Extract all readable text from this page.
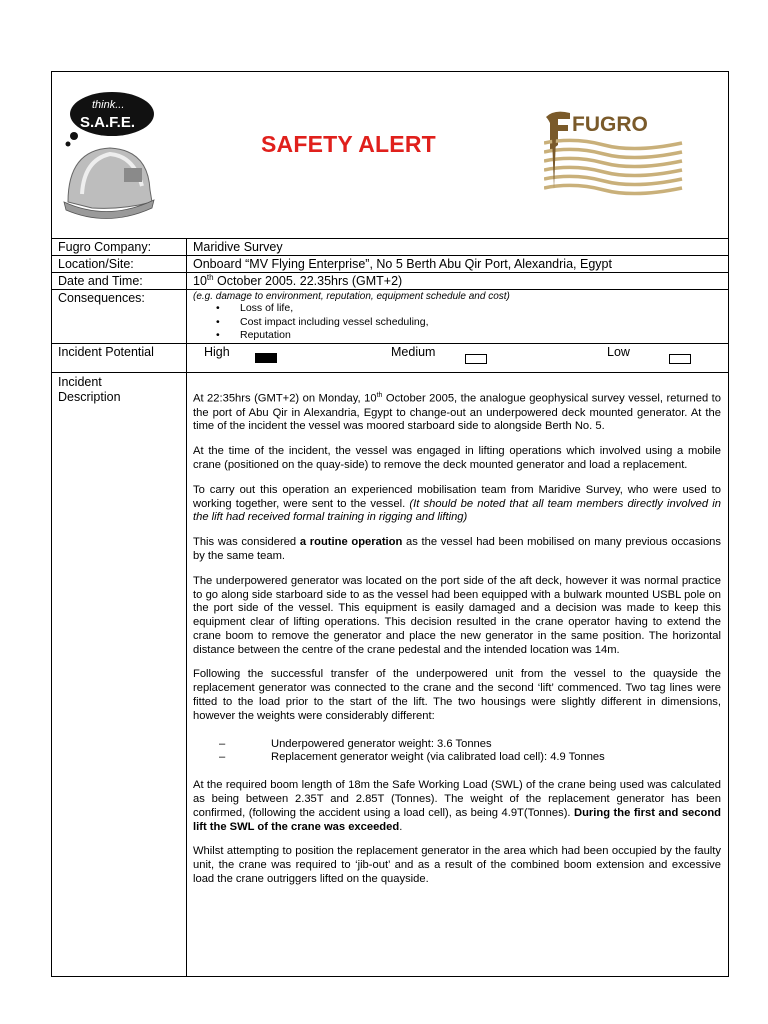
think...
S.A.F.E.
SAFETY ALERT
FUGRO
Fugro Company:	Maridive Survey
Location/Site:	Onboard “MV Flying Enterprise”, No 5 Berth Abu Qir Port, Alexandria, Egypt
Date and Time:	10th October 2005. 22.35hrs (GMT+2)
Consequences:	(e.g. damage to environment, reputation, equipment schedule and cost)
• Loss of life,
• Cost impact including vessel scheduling,
• Reputation
Incident Potential	High	Medium	Low
Incident
Description	At 22:35hrs (GMT+2) on Monday, 10th October 2005, the analogue geophysical survey vessel, returned to the port of Abu Qir in Alexandria, Egypt to change-out an underpowered deck mounted generator. At the time of the incident the vessel was moored starboard side to alongside Berth No. 5.

At the time of the incident, the vessel was engaged in lifting operations which involved using a mobile crane (positioned on the quay-side) to remove the deck mounted generator and load a replacement.

To carry out this operation an experienced mobilisation team from Maridive Survey, who were used to working together, were sent to the vessel. (It should be noted that all team members directly involved in the lift had received formal training in rigging and lifting)

This was considered a routine operation as the vessel had been mobilised on many previous occasions by the same team.

The underpowered generator was located on the port side of the aft deck, however it was normal practice to go along side starboard side to as the vessel had been equipped with a bulwark mounted USBL pole on the port side of the vessel. This equipment is easily damaged and a decision was made to keep this equipment clear of lifting operations. This decision resulted in the crane operator having to extend the crane boom to remove the generator and place the new generator in the same position. The horizontal distance between the centre of the crane pedestal and the intended location was 14m.

Following the successful transfer of the underpowered unit from the vessel to the quayside the replacement generator was connected to the crane and the second ‘lift’ commenced. Two tag lines were fitted to the load prior to the start of the lift. The two housings were slightly different in dimensions, however the weights were considerably different:

– Underpowered generator weight: 3.6 Tonnes
– Replacement generator weight (via calibrated load cell): 4.9 Tonnes

At the required boom length of 18m the Safe Working Load (SWL) of the crane being used was calculated as being between 2.35T and 2.85T (Tonnes). The weight of the replacement generator has been confirmed, (following the accident using a load cell), as being 4.9T(Tonnes). During the first and second lift the SWL of the crane was exceeded.

Whilst attempting to position the replacement generator in the area which had been occupied by the faulty unit, the crane was required to ‘jib-out’ and as a result of the combined boom extension and excessive load the crane outriggers lifted on the quayside.
